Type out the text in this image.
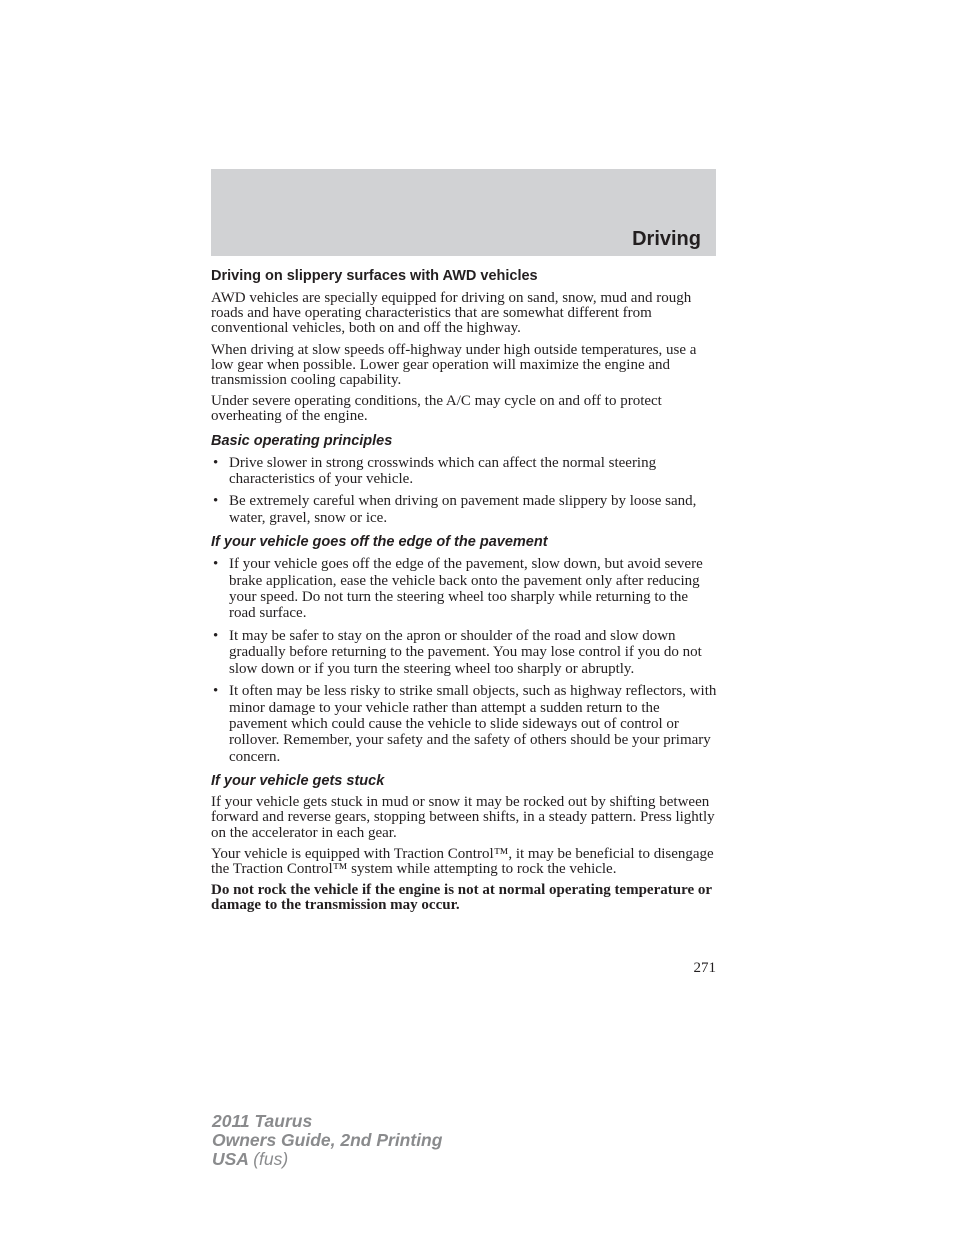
Driving
Driving on slippery surfaces with AWD vehicles

AWD vehicles are specially equipped for driving on sand, snow, mud and rough roads and have operating characteristics that are somewhat different from conventional vehicles, both on and off the highway.

When driving at slow speeds off-highway under high outside temperatures, use a low gear when possible. Lower gear operation will maximize the engine and transmission cooling capability.

Under severe operating conditions, the A/C may cycle on and off to protect overheating of the engine.

Basic operating principles
• Drive slower in strong crosswinds which can affect the normal steering characteristics of your vehicle.
• Be extremely careful when driving on pavement made slippery by loose sand, water, gravel, snow or ice.
If your vehicle goes off the edge of the pavement
• If your vehicle goes off the edge of the pavement, slow down, but avoid severe brake application, ease the vehicle back onto the pavement only after reducing your speed. Do not turn the steering wheel too sharply while returning to the road surface.
• It may be safer to stay on the apron or shoulder of the road and slow down gradually before returning to the pavement. You may lose control if you do not slow down or if you turn the steering wheel too sharply or abruptly.
• It often may be less risky to strike small objects, such as highway reflectors, with minor damage to your vehicle rather than attempt a sudden return to the pavement which could cause the vehicle to slide sideways out of control or rollover. Remember, your safety and the safety of others should be your primary concern.
If your vehicle gets stuck

If your vehicle gets stuck in mud or snow it may be rocked out by shifting between forward and reverse gears, stopping between shifts, in a steady pattern. Press lightly on the accelerator in each gear.

Your vehicle is equipped with Traction Control™, it may be beneficial to disengage the Traction Control™ system while attempting to rock the vehicle.

Do not rock the vehicle if the engine is not at normal operating temperature or damage to the transmission may occur.

271
2011 Taurus
Owners Guide, 2nd Printing
USA (fus)
